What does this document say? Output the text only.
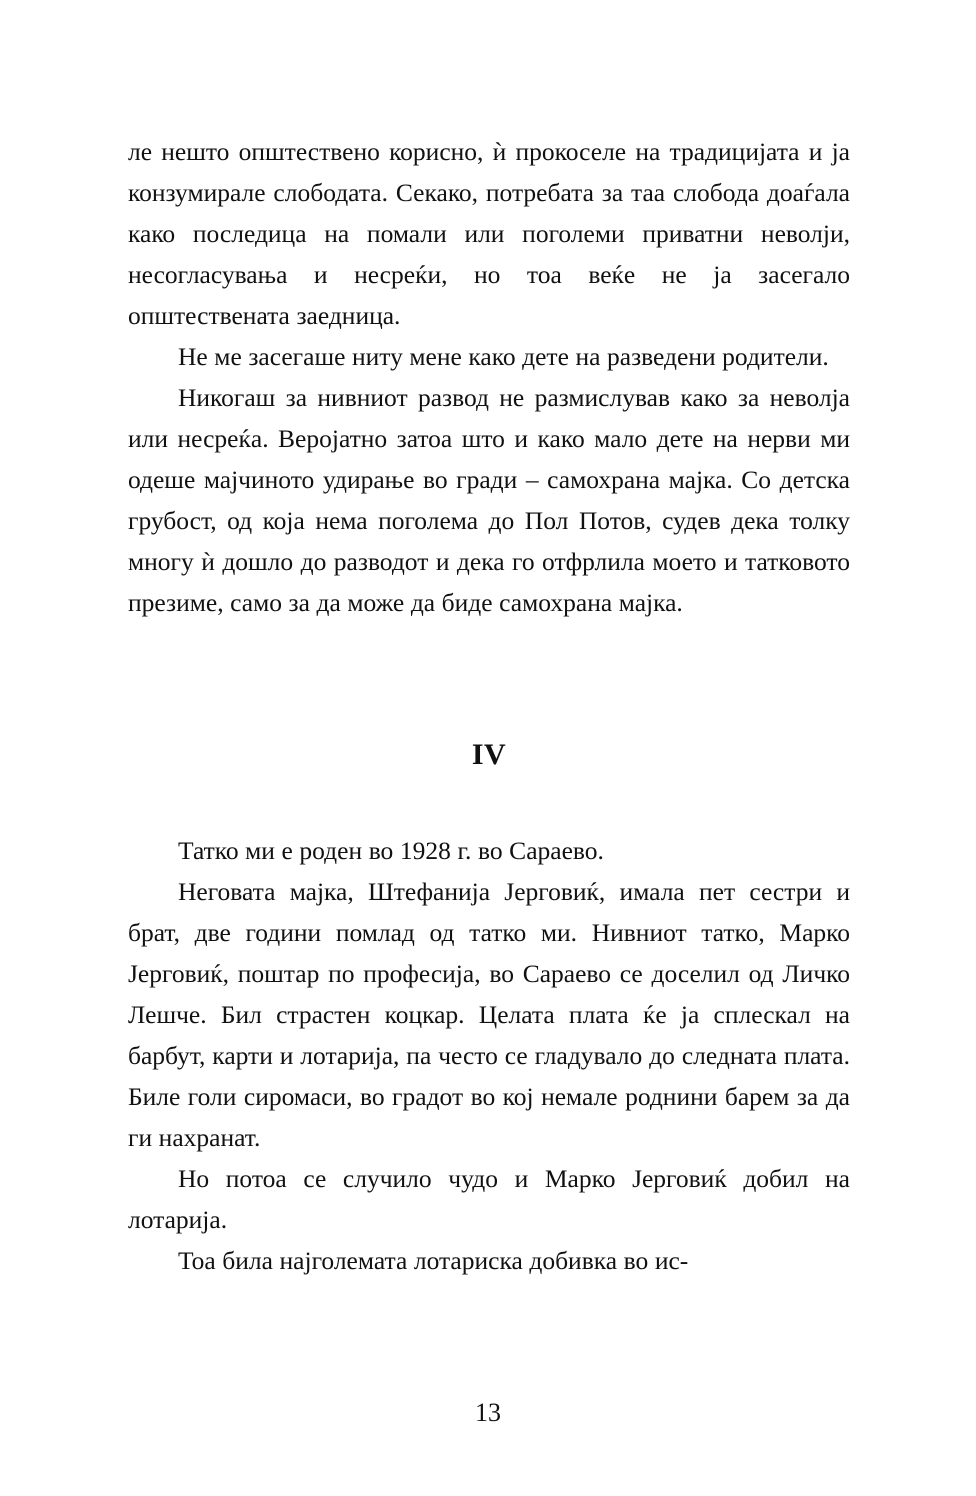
ле нешто општествено корисно, ѝ прокоселе на традицијата и ја конзумирале слободата. Секако, потребата за таа слобода доаѓала како последица на помали или поголеми приватни неволји, несогласувања и несреќи, но тоа веќе не ја засегало општествената заедница.

Не ме засегаше ниту мене како дете на разведени родители.

Никогаш за нивниот развод не размислував како за неволја или несреќа. Веројатно затоа што и како мало дете на нерви ми одеше мајчиното удирање во гради – самохрана мајка. Со детска грубост, од која нема поголема до Пол Потов, судев дека толку многу ѝ дошло до разводот и дека го отфрлила моето и татковото презиме, само за да може да биде самохрана мајка.

IV

Татко ми е роден во 1928 г. во Сараево.

Неговата мајка, Штефанија Јерговиќ, имала пет сестри и брат, две години помлад од татко ми. Нивниот татко, Марко Јерговиќ, поштар по професија, во Сараево се доселил од Личко Лешче. Бил страстен коцкар. Целата плата ќе ја сплескал на барбут, карти и лотарија, па често се гладувало до следната плата. Биле голи сиромаси, во градот во кој немале роднини барем за да ги нахранат.

Но потоа се случило чудо и Марко Јерговиќ добил на лотарија.

Тоа била најголемата лотариска добивка во ис-

13
